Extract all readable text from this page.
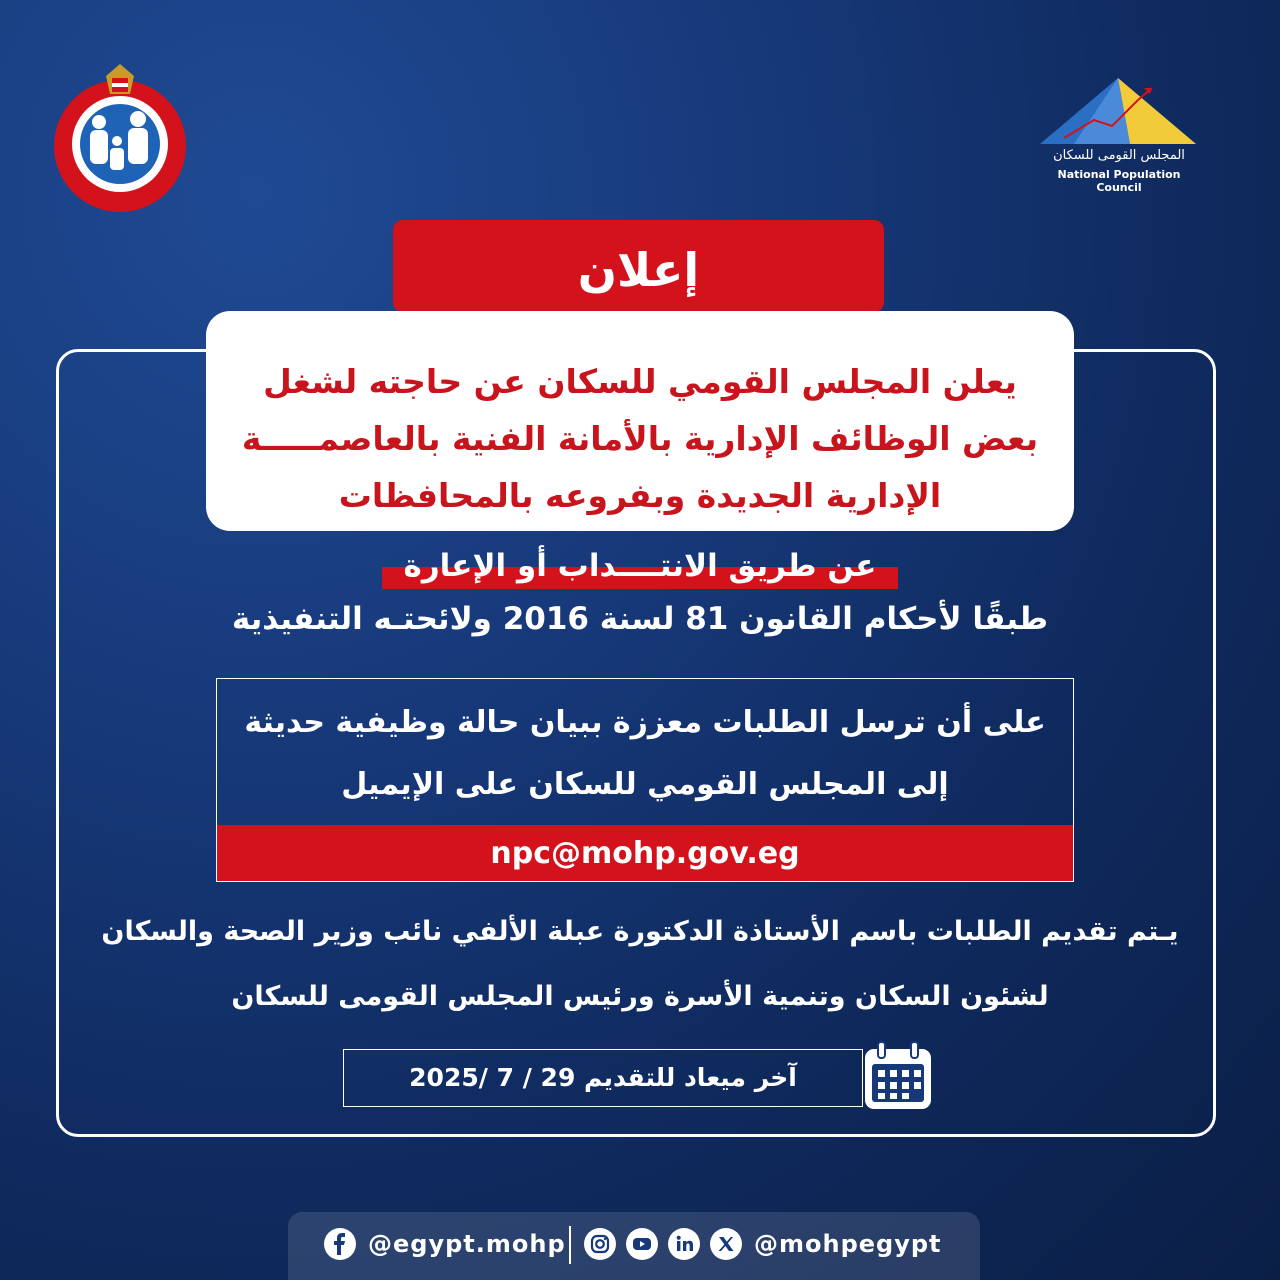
المجلس القومى للسكان
National Population Council
إعلان
يعلن المجلس القومي للسكان عن حاجته لشغل بعض الوظائف الإدارية بالأمانة الفنية بالعاصمـــــة الإدارية الجديدة وبفروعه بالمحافظات
عن طريق الانتــــداب أو الإعارة
طبقًا لأحكام القانون 81 لسنة 2016 ولائحتـه التنفيذية
على أن ترسل الطلبات معززة ببيان حالة وظيفية حديثة
إلى المجلس القومي للسكان على الإيميل
npc@mohp.gov.eg
يـتم تقديم الطلبات باسم الأستاذة الدكتورة عبلة الألفي نائب وزير الصحة والسكان
لشئون السكان وتنمية الأسرة ورئيس المجلس القومى للسكان
آخر ميعاد للتقديم 29 / 7 /2025
@egypt.mohp	@mohpegypt
